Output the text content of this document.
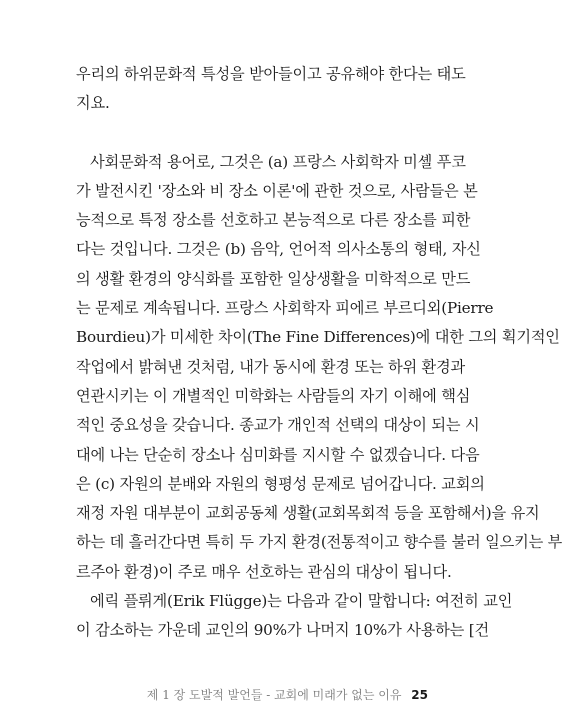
우리의 하위문화적 특성을 받아들이고 공유해야 한다는 태도
지요.
사회문화적 용어로, 그것은 (a) 프랑스 사회학자 미셸 푸코
가 발전시킨 '장소와 비 장소 이론'에 관한 것으로, 사람들은 본
능적으로 특정 장소를 선호하고 본능적으로 다른 장소를 피한
다는 것입니다. 그것은 (b) 음악, 언어적 의사소통의 형태, 자신
의 생활 환경의 양식화를 포함한 일상생활을 미학적으로 만드
는 문제로 계속됩니다. 프랑스 사회학자 피에르 부르디외(Pierre
Bourdieu)가 미세한 차이(The Fine Differences)에 대한 그의 획기적인
작업에서 밝혀낸 것처럼, 내가 동시에 환경 또는 하위 환경과
연관시키는 이 개별적인 미학화는 사람들의 자기 이해에 핵심
적인 중요성을 갖습니다. 종교가 개인적 선택의 대상이 되는 시
대에 나는 단순히 장소나 심미화를 지시할 수 없겠습니다. 다음
은 (c) 자원의 분배와 자원의 형평성 문제로 넘어갑니다. 교회의
재정 자원 대부분이 교회공동체 생활(교회목회적 등을 포함해서)을 유지
하는 데 흘러간다면 특히 두 가지 환경(전통적이고 향수를 불러 일으키는 부
르주아 환경)이 주로 매우 선호하는 관심의 대상이 됩니다.
에릭 플뤼게(Erik Flügge)는 다음과 같이 말합니다: 여전히 교인
이 감소하는 가운데 교인의 90%가 나머지 10%가 사용하는 [건
제 1 장 도발적 발언들 - 교회에 미래가 없는 이유 25
